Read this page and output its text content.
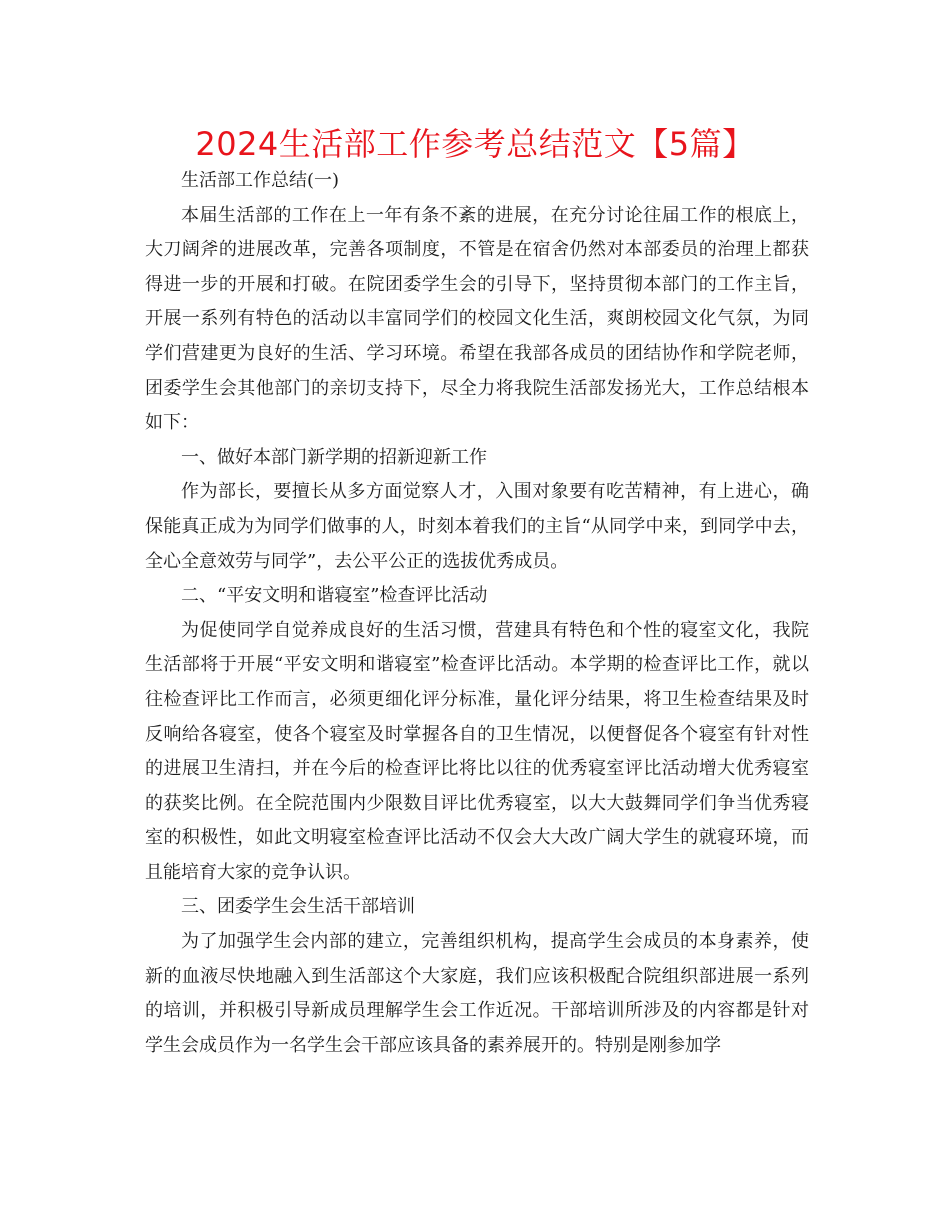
2024生活部工作参考总结范文【5篇】

生活部工作总结(一)

本届生活部的工作在上一年有条不紊的进展，在充分讨论往届工作的根底上，大刀阔斧的进展改革，完善各项制度，不管是在宿舍仍然对本部委员的治理上都获得进一步的开展和打破。在院团委学生会的引导下，坚持贯彻本部门的工作主旨，开展一系列有特色的活动以丰富同学们的校园文化生活，爽朗校园文化气氛，为同学们营建更为良好的生活、学习环境。希望在我部各成员的团结协作和学院老师，团委学生会其他部门的亲切支持下，尽全力将我院生活部发扬光大，工作总结根本如下：

一、做好本部门新学期的招新迎新工作

作为部长，要擅长从多方面觉察人才，入围对象要有吃苦精神，有上进心，确保能真正成为为同学们做事的人，时刻本着我们的主旨“从同学中来，到同学中去，全心全意效劳与同学”，去公平公正的选拔优秀成员。

二、“平安文明和谐寝室”检查评比活动

为促使同学自觉养成良好的生活习惯，营建具有特色和个性的寝室文化，我院生活部将于开展“平安文明和谐寝室”检查评比活动。本学期的检查评比工作，就以往检查评比工作而言，必须更细化评分标准，量化评分结果，将卫生检查结果及时反响给各寝室，使各个寝室及时掌握各自的卫生情况，以便督促各个寝室有针对性的进展卫生清扫，并在今后的检查评比将比以往的优秀寝室评比活动增大优秀寝室的获奖比例。在全院范围内少限数目评比优秀寝室，以大大鼓舞同学们争当优秀寝室的积极性，如此文明寝室检查评比活动不仅会大大改广阔大学生的就寝环境，而且能培育大家的竞争认识。

三、团委学生会生活干部培训

为了加强学生会内部的建立，完善组织机构，提高学生会成员的本身素养，使新的血液尽快地融入到生活部这个大家庭，我们应该积极配合院组织部进展一系列的培训，并积极引导新成员理解学生会工作近况。干部培训所涉及的内容都是针对学生会成员作为一名学生会干部应该具备的素养展开的。特别是刚参加学
